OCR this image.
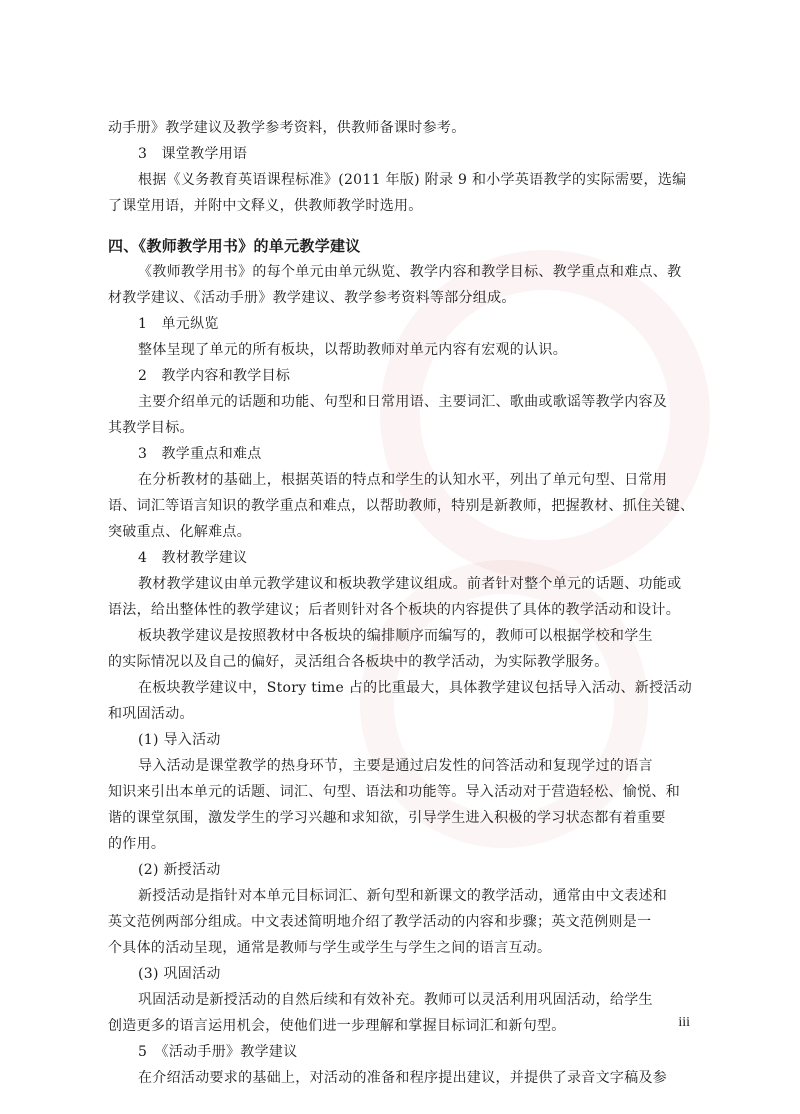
动手册》教学建议及教学参考资料，供教师备课时参考。
3　课堂教学用语
根据《义务教育英语课程标准》(2011 年版) 附录 9 和小学英语教学的实际需要，选编
了课堂用语，并附中文释义，供教师教学时选用。
四、《教师教学用书》的单元教学建议
《教师教学用书》的每个单元由单元纵览、教学内容和教学目标、教学重点和难点、教
材教学建议、《活动手册》教学建议、教学参考资料等部分组成。
1　单元纵览
整体呈现了单元的所有板块，以帮助教师对单元内容有宏观的认识。
2　教学内容和教学目标
主要介绍单元的话题和功能、句型和日常用语、主要词汇、歌曲或歌谣等教学内容及
其教学目标。
3　教学重点和难点
在分析教材的基础上，根据英语的特点和学生的认知水平，列出了单元句型、日常用
语、词汇等语言知识的教学重点和难点，以帮助教师，特别是新教师，把握教材、抓住关键、
突破重点、化解难点。
4　教材教学建议
教材教学建议由单元教学建议和板块教学建议组成。前者针对整个单元的话题、功能或
语法，给出整体性的教学建议；后者则针对各个板块的内容提供了具体的教学活动和设计。
板块教学建议是按照教材中各板块的编排顺序而编写的，教师可以根据学校和学生
的实际情况以及自己的偏好，灵活组合各板块中的教学活动，为实际教学服务。
在板块教学建议中，Story time 占的比重最大，具体教学建议包括导入活动、新授活动
和巩固活动。
(1) 导入活动
导入活动是课堂教学的热身环节，主要是通过启发性的问答活动和复现学过的语言
知识来引出本单元的话题、词汇、句型、语法和功能等。导入活动对于营造轻松、愉悦、和
谐的课堂氛围，激发学生的学习兴趣和求知欲，引导学生进入积极的学习状态都有着重要
的作用。
(2) 新授活动
新授活动是指针对本单元目标词汇、新句型和新课文的教学活动，通常由中文表述和
英文范例两部分组成。中文表述简明地介绍了教学活动的内容和步骤；英文范例则是一
个具体的活动呈现，通常是教师与学生或学生与学生之间的语言互动。
(3) 巩固活动
巩固活动是新授活动的自然后续和有效补充。教师可以灵活利用巩固活动，给学生
创造更多的语言运用机会，使他们进一步理解和掌握目标词汇和新句型。
5　《活动手册》教学建议
在介绍活动要求的基础上，对活动的准备和程序提出建议，并提供了录音文字稿及参
iii
